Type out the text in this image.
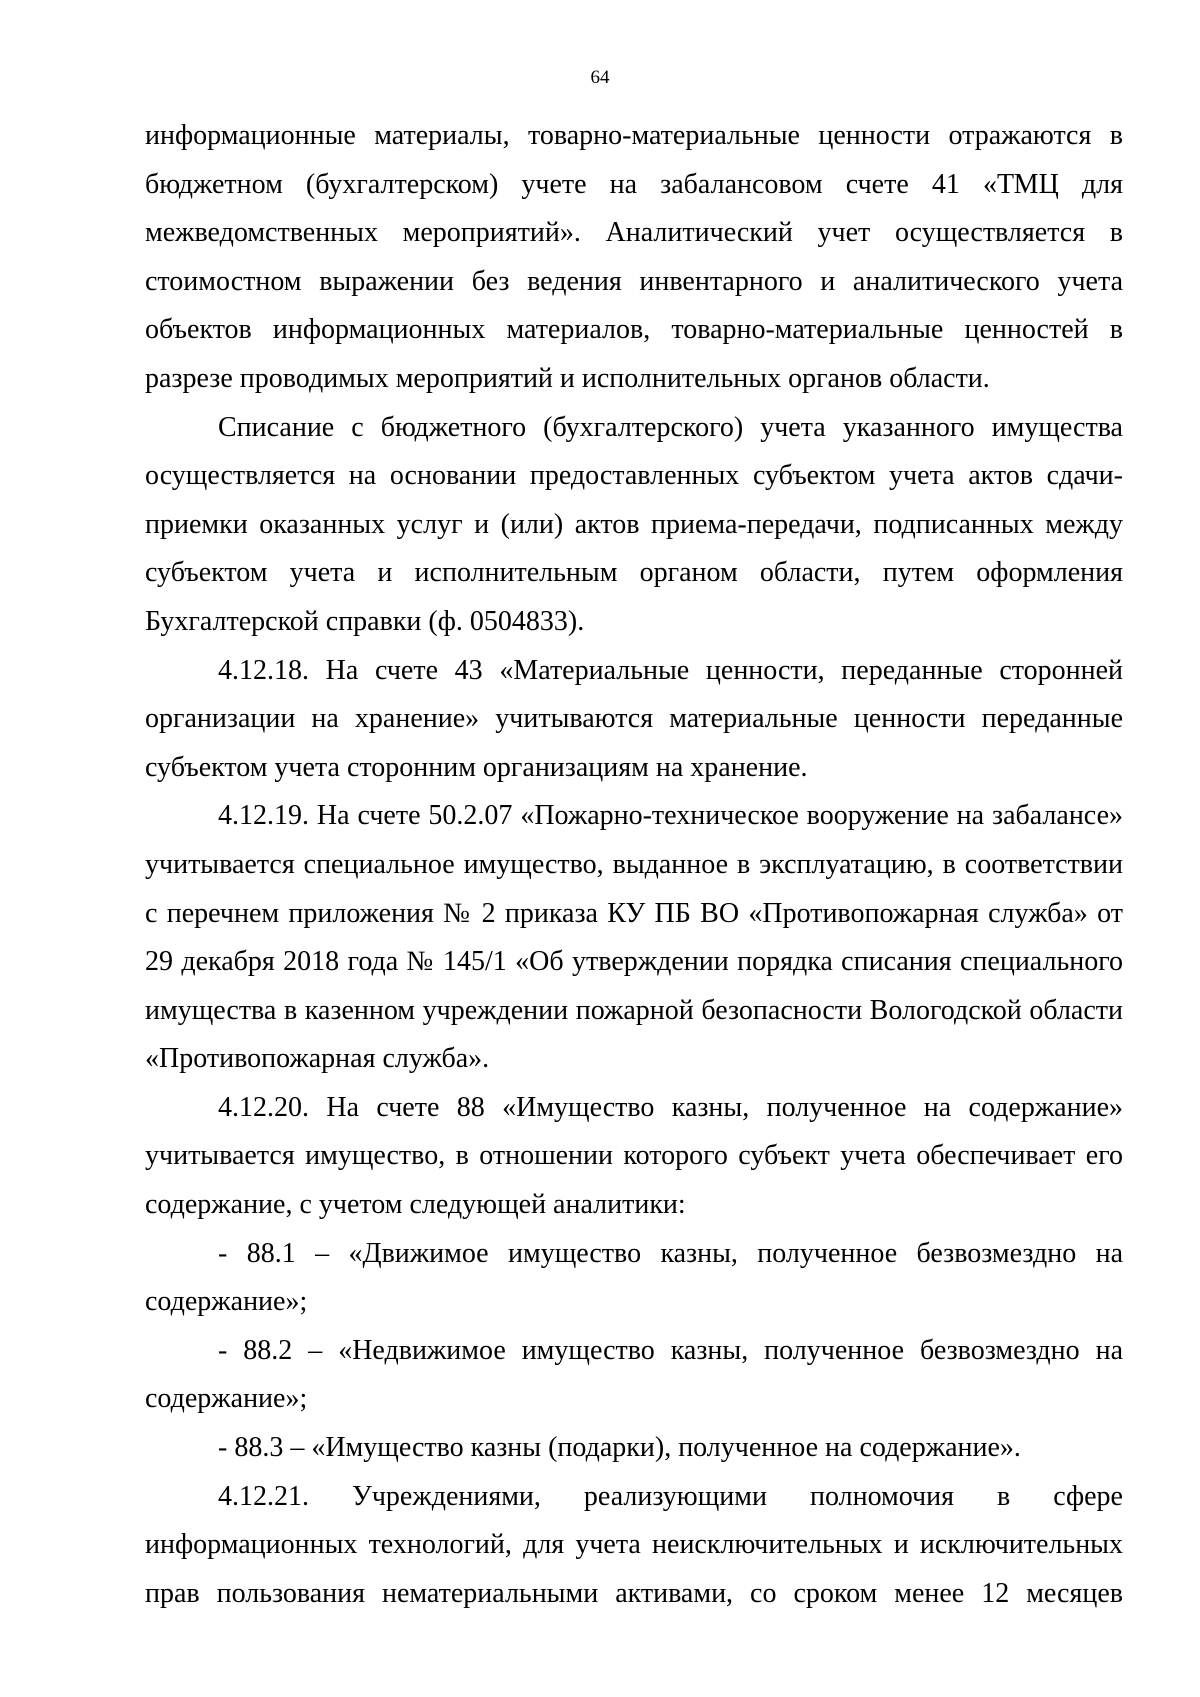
64

информационные материалы, товарно-материальные ценности отражаются в бюджетном (бухгалтерском) учете на забалансовом счете 41 «ТМЦ для межведомственных мероприятий». Аналитический учет осуществляется в стоимостном выражении без ведения инвентарного и аналитического учета объектов информационных материалов, товарно-материальные ценностей в разрезе проводимых мероприятий и исполнительных органов области.

Списание с бюджетного (бухгалтерского) учета указанного имущества осуществляется на основании предоставленных субъектом учета актов сдачи-приемки оказанных услуг и (или) актов приема-передачи, подписанных между субъектом учета и исполнительным органом области, путем оформления Бухгалтерской справки (ф. 0504833).

4.12.18. На счете 43 «Материальные ценности, переданные сторонней организации на хранение» учитываются материальные ценности переданные субъектом учета сторонним организациям на хранение.

4.12.19. На счете 50.2.07 «Пожарно-техническое вооружение на забалансе» учитывается специальное имущество, выданное в эксплуатацию, в соответствии с перечнем приложения № 2 приказа КУ ПБ ВО «Противопожарная служба» от 29 декабря 2018 года № 145/1 «Об утверждении порядка списания специального имущества в казенном учреждении пожарной безопасности Вологодской области «Противопожарная служба».

4.12.20. На счете 88 «Имущество казны, полученное на содержание» учитывается имущество, в отношении которого субъект учета обеспечивает его содержание, с учетом следующей аналитики:

- 88.1 – «Движимое имущество казны, полученное безвозмездно на содержание»;

- 88.2 – «Недвижимое имущество казны, полученное безвозмездно на содержание»;

- 88.3 – «Имущество казны (подарки), полученное на содержание».

4.12.21. Учреждениями, реализующими полномочия в сфере информационных технологий, для учета неисключительных и исключительных прав пользования нематериальными активами, со сроком менее 12 месяцев
